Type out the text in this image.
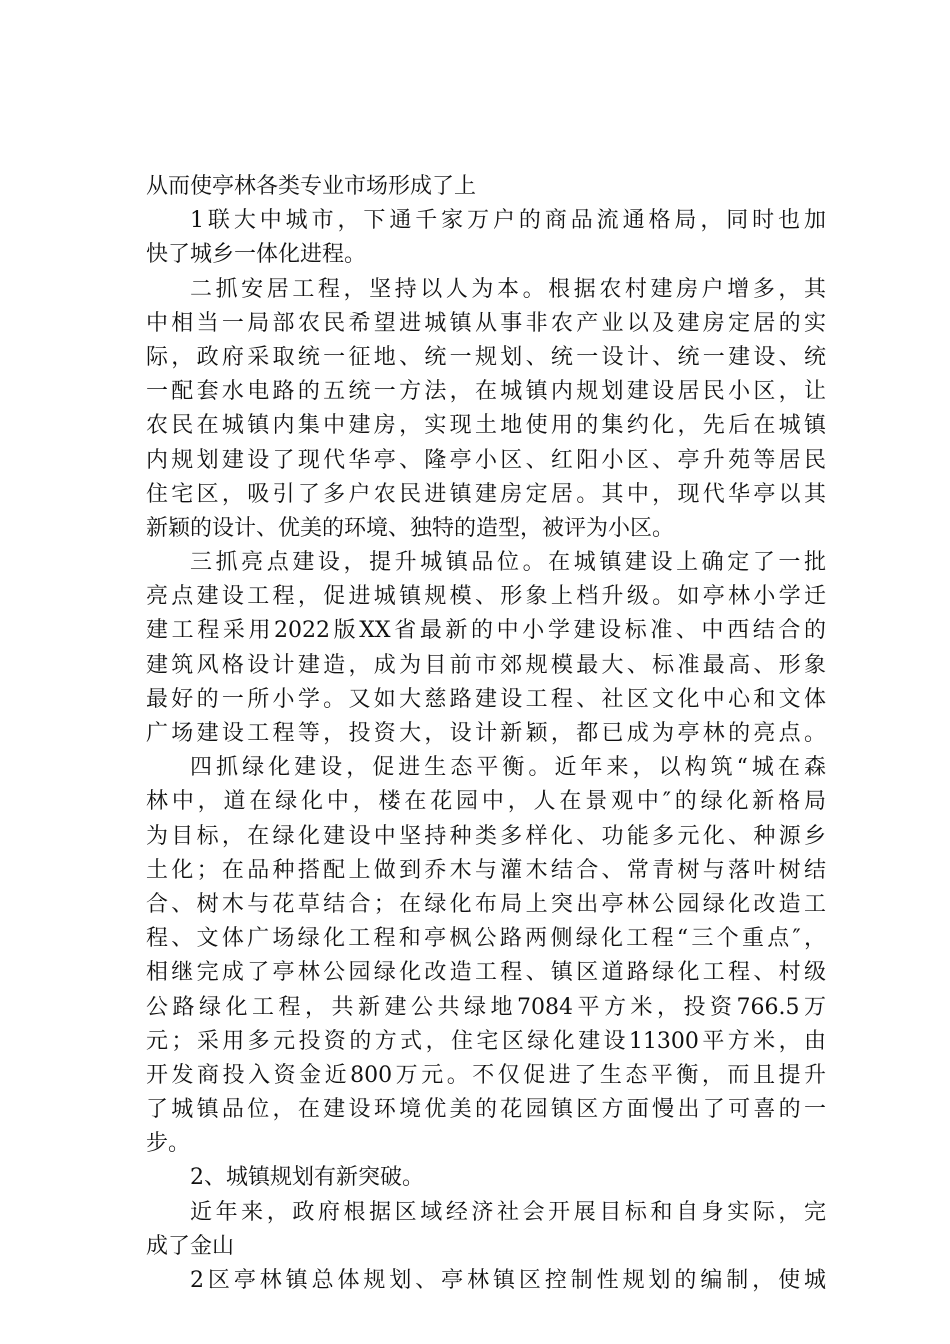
从而使亭林各类专业市场形成了上
1联大中城市，下通千家万户的商品流通格局，同时也加
快了城乡一体化进程。
二抓安居工程，坚持以人为本。根据农村建房户增多，其
中相当一局部农民希望进城镇从事非农产业以及建房定居的实
际，政府采取统一征地、统一规划、统一设计、统一建设、统
一配套水电路的五统一方法，在城镇内规划建设居民小区，让
农民在城镇内集中建房，实现土地使用的集约化，先后在城镇
内规划建设了现代华亭、隆亭小区、红阳小区、亭升苑等居民
住宅区，吸引了多户农民进镇建房定居。其中，现代华亭以其
新颖的设计、优美的环境、独特的造型，被评为小区。
三抓亮点建设，提升城镇品位。在城镇建设上确定了一批
亮点建设工程，促进城镇规模、形象上档升级。如亭林小学迁
建工程采用2022版XX省最新的中小学建设标准、中西结合的
建筑风格设计建造，成为目前市郊规模最大、标准最高、形象
最好的一所小学。又如大慈路建设工程、社区文化中心和文体
广场建设工程等，投资大，设计新颖，都已成为亭林的亮点。
四抓绿化建设，促进生态平衡。近年来，以构筑“城在森
林中，道在绿化中，楼在花园中，人在景观中″的绿化新格局
为目标，在绿化建设中坚持种类多样化、功能多元化、种源乡
土化；在品种搭配上做到乔木与灌木结合、常青树与落叶树结
合、树木与花草结合；在绿化布局上突出亭林公园绿化改造工
程、文体广场绿化工程和亭枫公路两侧绿化工程“三个重点″，
相继完成了亭林公园绿化改造工程、镇区道路绿化工程、村级
公路绿化工程，共新建公共绿地7084平方米，投资766.5万
元；采用多元投资的方式，住宅区绿化建设11300平方米，由
开发商投入资金近800万元。不仅促进了生态平衡，而且提升
了城镇品位，在建设环境优美的花园镇区方面慢出了可喜的一
步。
2、城镇规划有新突破。
近年来，政府根据区域经济社会开展目标和自身实际，完
成了金山
2区亭林镇总体规划、亭林镇区控制性规划的编制，使城
